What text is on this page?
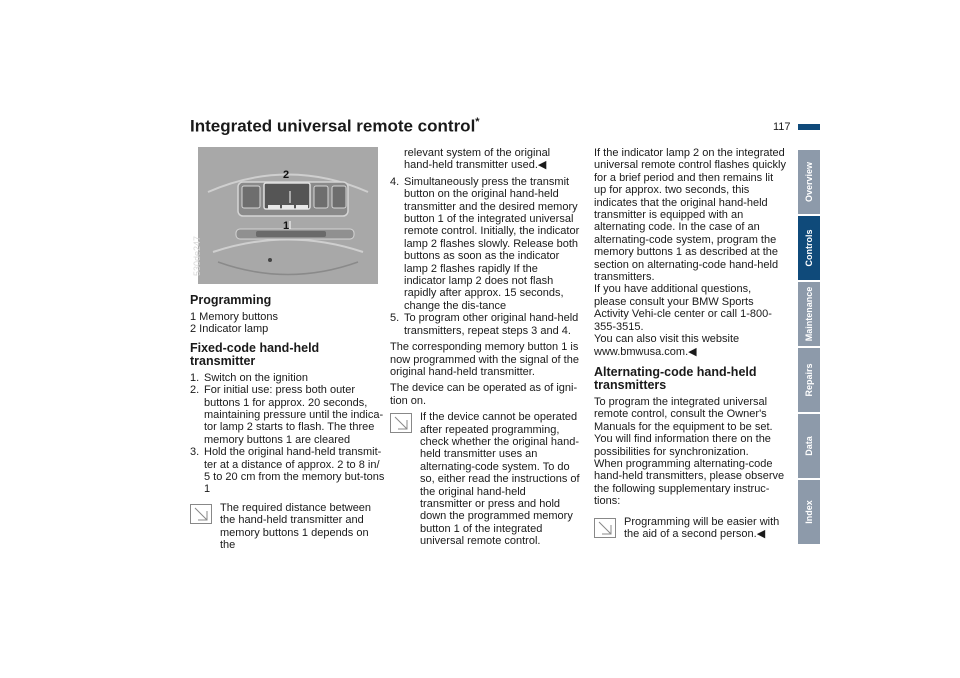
Integrated universal remote control*	117
Overview
Controls
Maintenance
Repairs
Data
Index
2
1
530de247
Programming

1 Memory buttons

2 Indicator lamp

Fixed-code hand-held transmitter
1. Switch on the ignition
2. For initial use: press both outer buttons 1 for approx. 20 seconds, maintaining pressure until the indica-tor lamp 2 starts to flash. The three memory buttons 1 are cleared
3. Hold the original hand-held transmit-ter at a distance of approx. 2 to 8 in/ 5 to 20 cm from the memory but-tons 1
The required distance between the hand-held transmitter and memory buttons 1 depends on the

relevant system of the original hand-held transmitter used.◀

4. Simultaneously press the transmit button on the original hand-held transmitter and the desired memory button 1 of the integrated universal remote control. Initially, the indicator lamp 2 flashes slowly. Release both buttons as soon as the indicator lamp 2 flashes rapidly If the indicator lamp 2 does not flash rapidly after approx. 15 seconds, change the dis-tance
5. To program other original hand-held transmitters, repeat steps 3 and 4.

The corresponding memory button 1 is now programmed with the signal of the original hand-held transmitter.

The device can be operated as of igni-tion on.

If the device cannot be operated after repeated programming, check whether the original hand-held transmitter uses an alternating-code system. To do so, either read the instructions of the original hand-held transmitter or press and hold down the programmed memory button 1 of the integrated universal remote control.

If the indicator lamp 2 on the integrated universal remote control flashes quickly for a brief period and then remains lit up for approx. two seconds, this indicates that the original hand-held transmitter is equipped with an alternating code. In the case of an alternating-code system, program the memory buttons 1 as described at the section on alternating-code hand-held transmitters.

If you have additional questions, please consult your BMW Sports Activity Vehi-cle center or call 1-800-355-3515.

You can also visit this website www.bmwusa.com.◀

Alternating-code hand-held transmitters

To program the integrated universal remote control, consult the Owner's Manuals for the equipment to be set. You will find information there on the possibilities for synchronization.

When programming alternating-code hand-held transmitters, please observe the following supplementary instruc-tions:

Programming will be easier with the aid of a second person.◀
